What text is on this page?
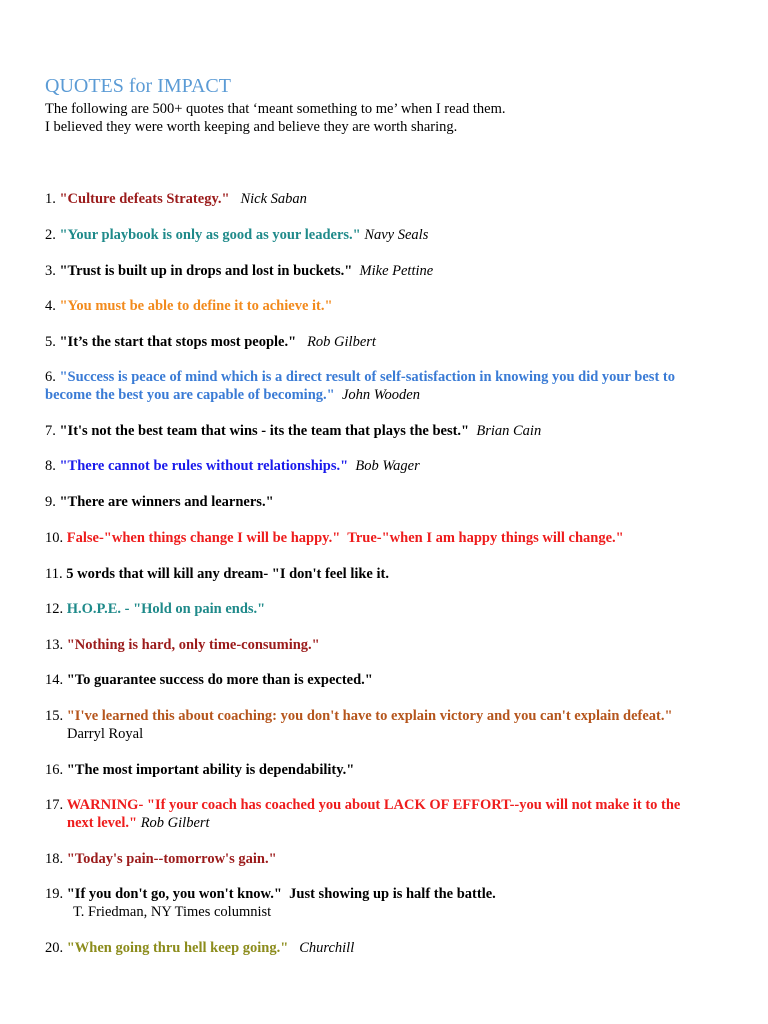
QUOTES for IMPACT
The following are 500+ quotes that ‘meant something to me’ when I read them.
I believed they were worth keeping and believe they are worth sharing.
1. "Culture defeats Strategy." Nick Saban
2. "Your playbook is only as good as your leaders." Navy Seals
3. "Trust is built up in drops and lost in buckets." Mike Pettine
4. "You must be able to define it to achieve it."
5. "It’s the start that stops most people." Rob Gilbert
6. "Success is peace of mind which is a direct result of self-satisfaction in knowing you did your best to
become the best you are capable of becoming." John Wooden
7. "It's not the best team that wins - its the team that plays the best." Brian Cain
8. "There cannot be rules without relationships." Bob Wager
9. "There are winners and learners."
10. False-"when things change I will be happy."  True-"when I am happy things will change."
11. 5 words that will kill any dream- "I don't feel like it.
12. H.O.P.E. - "Hold on pain ends."
13. "Nothing is hard, only time-consuming."
14. "To guarantee success do more than is expected."
15. "I've learned this about coaching: you don't have to explain victory and you can't explain defeat."
Darryl Royal
16. "The most important ability is dependability."
17. WARNING- "If your coach has coached you about LACK OF EFFORT--you will not make it to the
next level." Rob Gilbert
18. "Today's pain--tomorrow's gain."
19. "If you don't go, you won't know." Just showing up is half the battle.
T. Friedman, NY Times columnist
20. "When going thru hell keep going." Churchill
